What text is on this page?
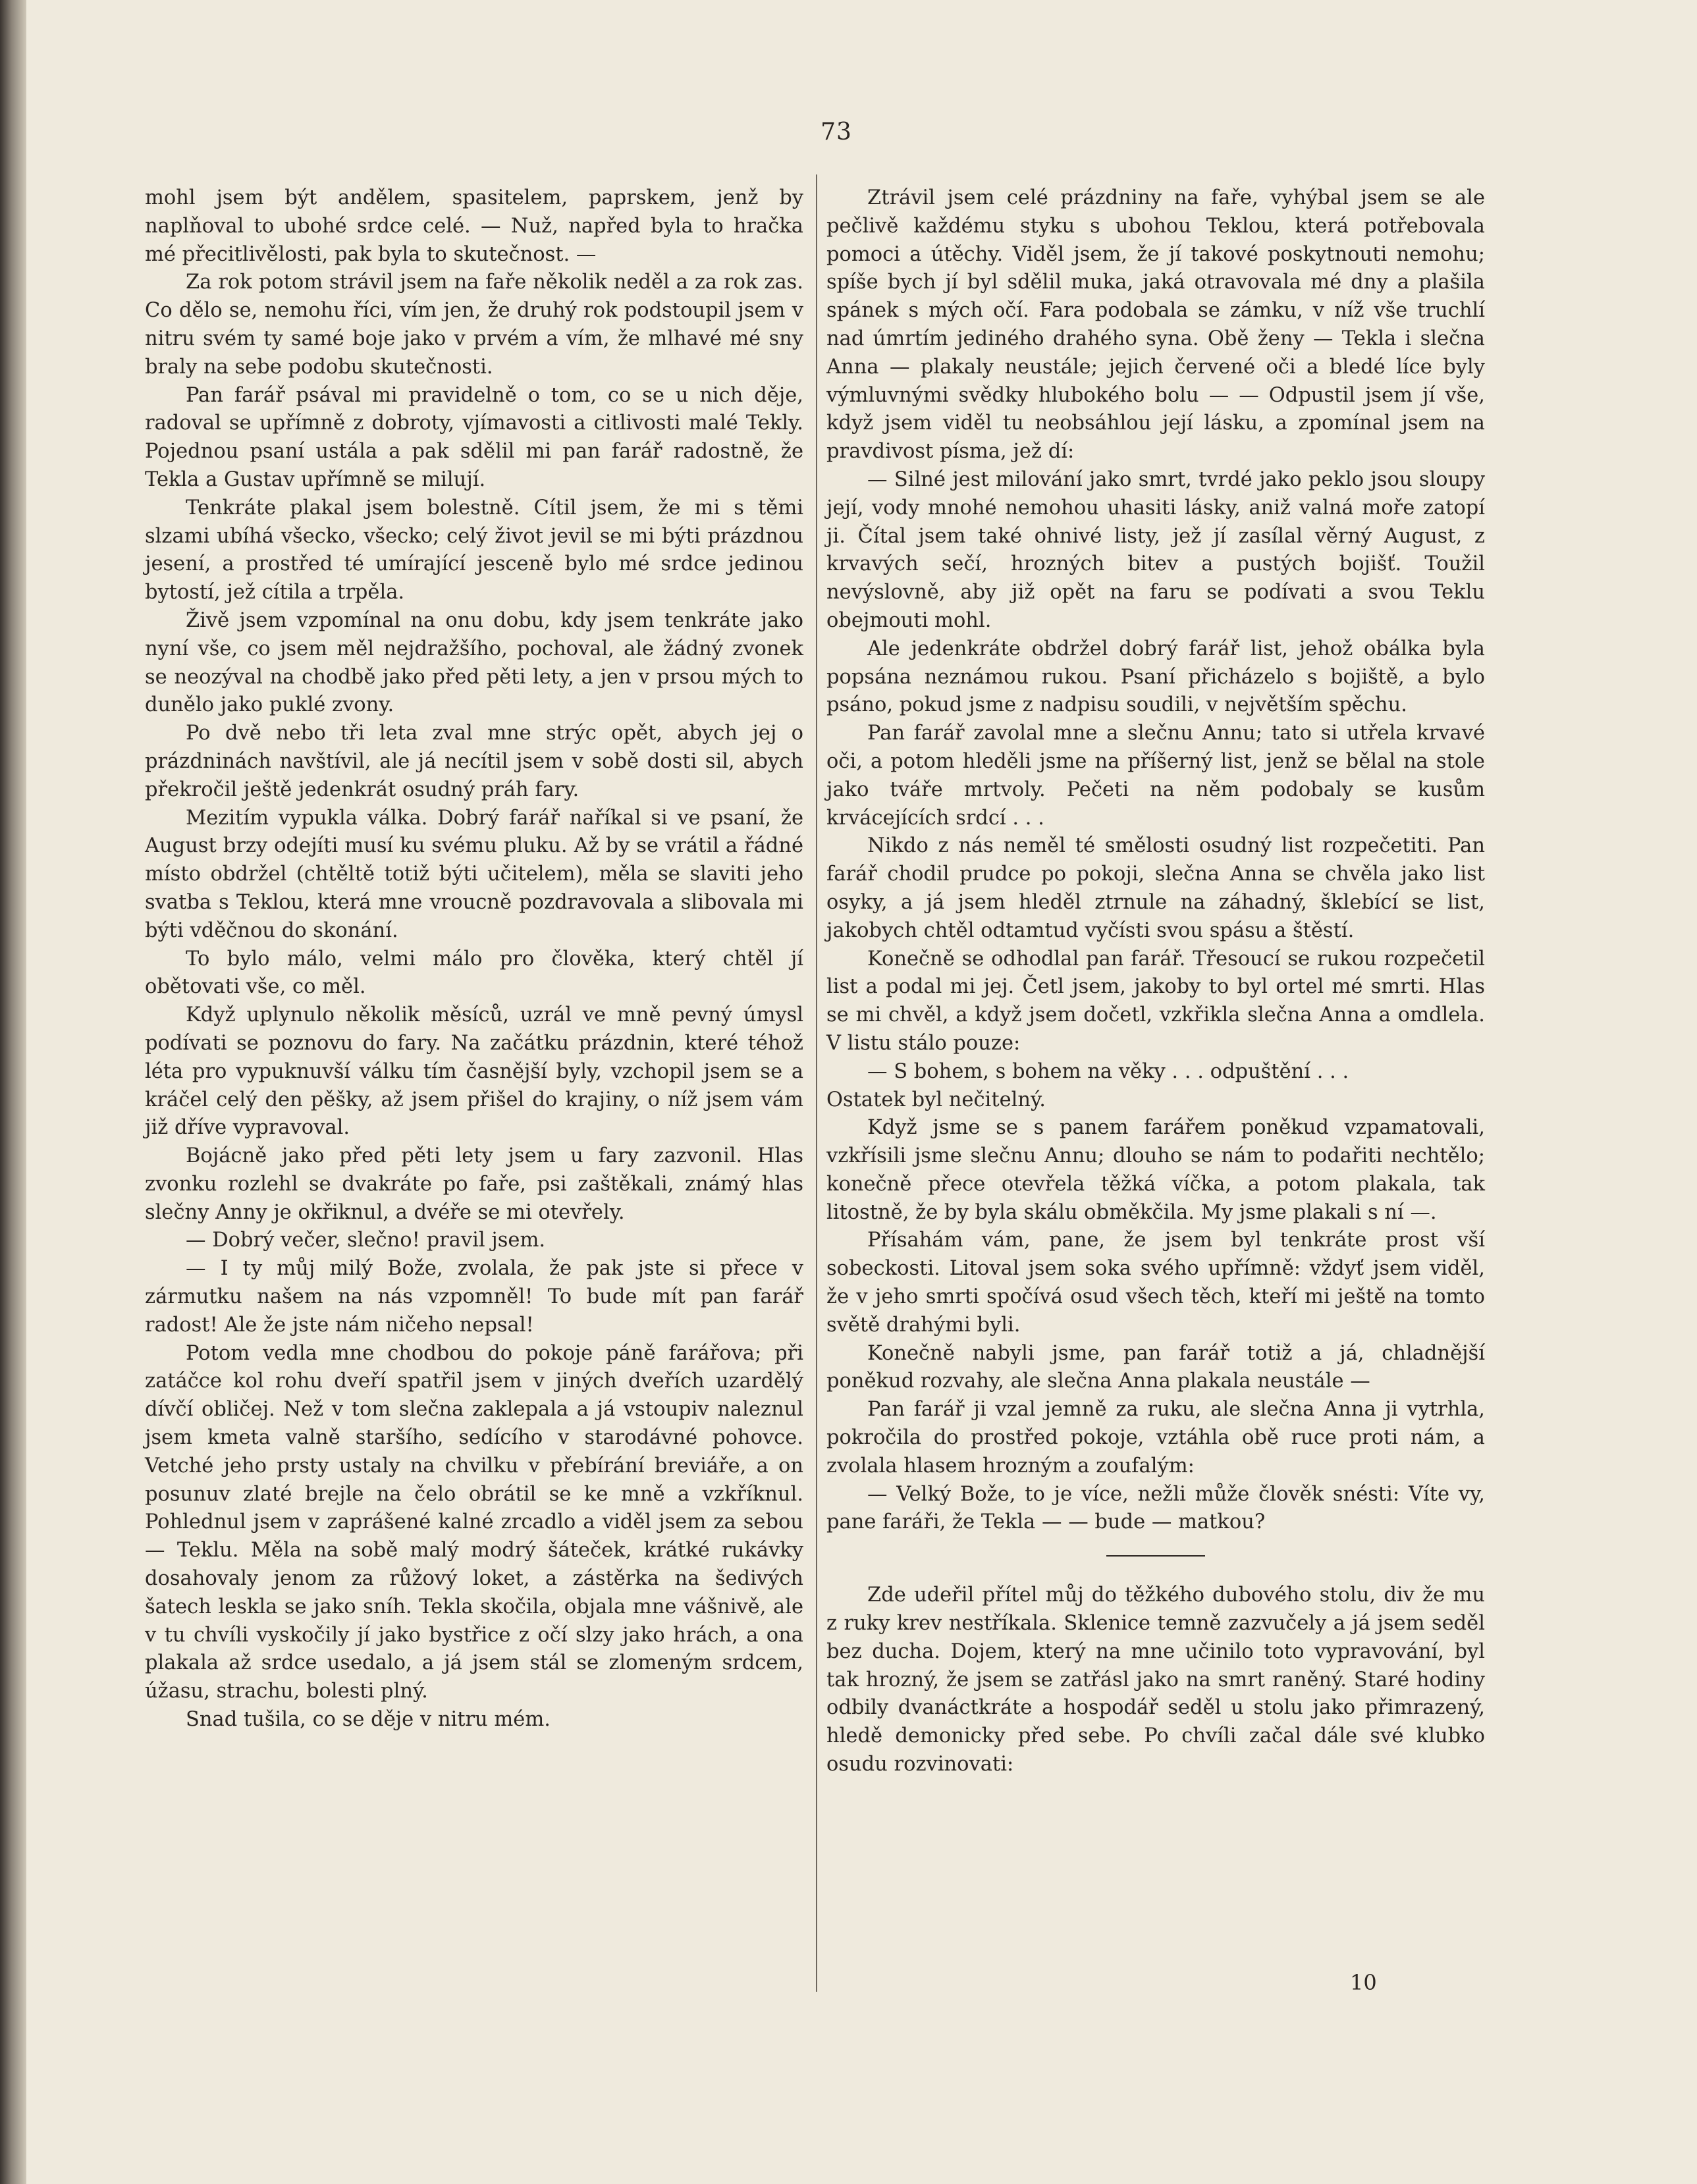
73

mohl jsem být andělem, spasitelem, paprskem, jenž by naplňoval to ubohé srdce celé. — Nuž, napřed byla to hračka mé přecitlivělosti, pak byla to skutečnost. —

Za rok potom strávil jsem na faře několik neděl a za rok zas. Co dělo se, nemohu říci, vím jen, že druhý rok podstoupil jsem v nitru svém ty samé boje jako v prvém a vím, že mlhavé mé sny braly na sebe podobu skutečnosti.

Pan farář psával mi pravidelně o tom, co se u nich děje, radoval se upřímně z dobroty, vjímavosti a citlivosti malé Tekly. Pojednou psaní ustála a pak sdělil mi pan farář radostně, že Tekla a Gustav upřímně se milují.

Tenkráte plakal jsem bolestně. Cítil jsem, že mi s těmi slzami ubíhá všecko, všecko; celý život jevil se mi býti prázdnou jesení, a prostřed té umírající jesceně bylo mé srdce jedinou bytostí, jež cítila a trpěla.

Živě jsem vzpomínal na onu dobu, kdy jsem tenkráte jako nyní vše, co jsem měl nejdražšího, pochoval, ale žádný zvonek se neozýval na chodbě jako před pěti lety, a jen v prsou mých to dunělo jako puklé zvony.

Po dvě nebo tři leta zval mne strýc opět, abych jej o prázdninách navštívil, ale já necítil jsem v sobě dosti sil, abych překročil ještě jedenkrát osudný práh fary.

Mezitím vypukla válka. Dobrý farář naříkal si ve psaní, že August brzy odejíti musí ku svému pluku. Až by se vrátil a řádné místo obdržel (chtěltě totiž býti učitelem), měla se slaviti jeho svatba s Teklou, která mne vroucně pozdravovala a slibovala mi býti vděčnou do skonání.

To bylo málo, velmi málo pro člověka, který chtěl jí obětovati vše, co měl.

Když uplynulo několik měsíců, uzrál ve mně pevný úmysl podívati se poznovu do fary. Na začátku prázdnin, které téhož léta pro vypuknuvší válku tím časnější byly, vzchopil jsem se a kráčel celý den pěšky, až jsem přišel do krajiny, o níž jsem vám již dříve vypravoval.

Bojácně jako před pěti lety jsem u fary zazvonil. Hlas zvonku rozlehl se dvakráte po faře, psi zaštěkali, známý hlas slečny Anny je okřiknul, a dvéře se mi otevřely.

— Dobrý večer, slečno! pravil jsem.

— I ty můj milý Bože, zvolala, že pak jste si přece v zármutku našem na nás vzpomněl! To bude mít pan farář radost! Ale že jste nám ničeho nepsal!

Potom vedla mne chodbou do pokoje páně farářova; při zatáčce kol rohu dveří spatřil jsem v jiných dveřích uzardělý dívčí obličej. Než v tom slečna zaklepala a já vstoupiv naleznul jsem kmeta valně staršího, sedícího v starodávné pohovce. Vetché jeho prsty ustaly na chvilku v přebírání breviáře, a on posunuv zlaté brejle na čelo obrátil se ke mně a vzkříknul. Pohlednul jsem v zaprášené kalné zrcadlo a viděl jsem za sebou — Teklu. Měla na sobě malý modrý šáteček, krátké rukávky dosahovaly jenom za růžový loket, a zástěrka na šedivých šatech leskla se jako sníh. Tekla skočila, objala mne vášnivě, ale v tu chvíli vyskočily jí jako bystřice z očí slzy jako hrách, a ona plakala až srdce usedalo, a já jsem stál se zlomeným srdcem, úžasu, strachu, bolesti plný.

Snad tušila, co se děje v nitru mém.

Ztrávil jsem celé prázdniny na faře, vyhýbal jsem se ale pečlivě každému styku s ubohou Teklou, která potřebovala pomoci a útěchy. Viděl jsem, že jí takové poskytnouti nemohu; spíše bych jí byl sdělil muka, jaká otravovala mé dny a plašila spánek s mých očí. Fara podobala se zámku, v níž vše truchlí nad úmrtím jediného drahého syna. Obě ženy — Tekla i slečna Anna — plakaly neustále; jejich červené oči a bledé líce byly výmluvnými svědky hlubokého bolu — — Odpustil jsem jí vše, když jsem viděl tu neobsáhlou její lásku, a zpomínal jsem na pravdivost písma, jež dí:

— Silné jest milování jako smrt, tvrdé jako peklo jsou sloupy její, vody mnohé nemohou uhasiti lásky, aniž valná moře zatopí ji. Čítal jsem také ohnivé listy, jež jí zasílal věrný August, z krvavých sečí, hrozných bitev a pustých bojišť. Toužil nevýslovně, aby již opět na faru se podívati a svou Teklu obejmouti mohl.

Ale jedenkráte obdržel dobrý farář list, jehož obálka byla popsána neznámou rukou. Psaní přicházelo s bojiště, a bylo psáno, pokud jsme z nadpisu soudili, v největším spěchu.

Pan farář zavolal mne a slečnu Annu; tato si utřela krvavé oči, a potom hleděli jsme na příšerný list, jenž se bělal na stole jako tváře mrtvoly. Pečeti na něm podobaly se kusům krvácejících srdcí . . .

Nikdo z nás neměl té smělosti osudný list rozpečetiti. Pan farář chodil prudce po pokoji, slečna Anna se chvěla jako list osyky, a já jsem hleděl ztrnule na záhadný, šklebící se list, jakobych chtěl odtamtud vyčísti svou spásu a štěstí.

Konečně se odhodlal pan farář. Třesoucí se rukou rozpečetil list a podal mi jej. Četl jsem, jakoby to byl ortel mé smrti. Hlas se mi chvěl, a když jsem dočetl, vzkřikla slečna Anna a omdlela. V listu stálo pouze:

— S bohem, s bohem na věky . . . odpuštění . . .

Ostatek byl nečitelný.

Když jsme se s panem farářem poněkud vzpamatovali, vzkřísili jsme slečnu Annu; dlouho se nám to podařiti nechtělo; konečně přece otevřela těžká víčka, a potom plakala, tak litostně, že by byla skálu obměkčila. My jsme plakali s ní —.

Přísahám vám, pane, že jsem byl tenkráte prost vší sobeckosti. Litoval jsem soka svého upřímně: vždyť jsem viděl, že v jeho smrti spočívá osud všech těch, kteří mi ještě na tomto světě drahými byli.

Konečně nabyli jsme, pan farář totiž a já, chladnější poněkud rozvahy, ale slečna Anna plakala neustále —

Pan farář ji vzal jemně za ruku, ale slečna Anna ji vytrhla, pokročila do prostřed pokoje, vztáhla obě ruce proti nám, a zvolala hlasem hrozným a zoufalým:

— Velký Bože, to je více, nežli může člověk snésti: Víte vy, pane faráři, že Tekla — — bude — matkou?

Zde udeřil přítel můj do těžkého dubového stolu, div že mu z ruky krev nestříkala. Sklenice temně zazvučely a já jsem seděl bez ducha. Dojem, který na mne učinilo toto vypravování, byl tak hrozný, že jsem se zatřásl jako na smrt raněný. Staré hodiny odbily dvanáctkráte a hospodář seděl u stolu jako přimrazený, hledě demonicky před sebe. Po chvíli začal dále své klubko osudu rozvinovati:

10
